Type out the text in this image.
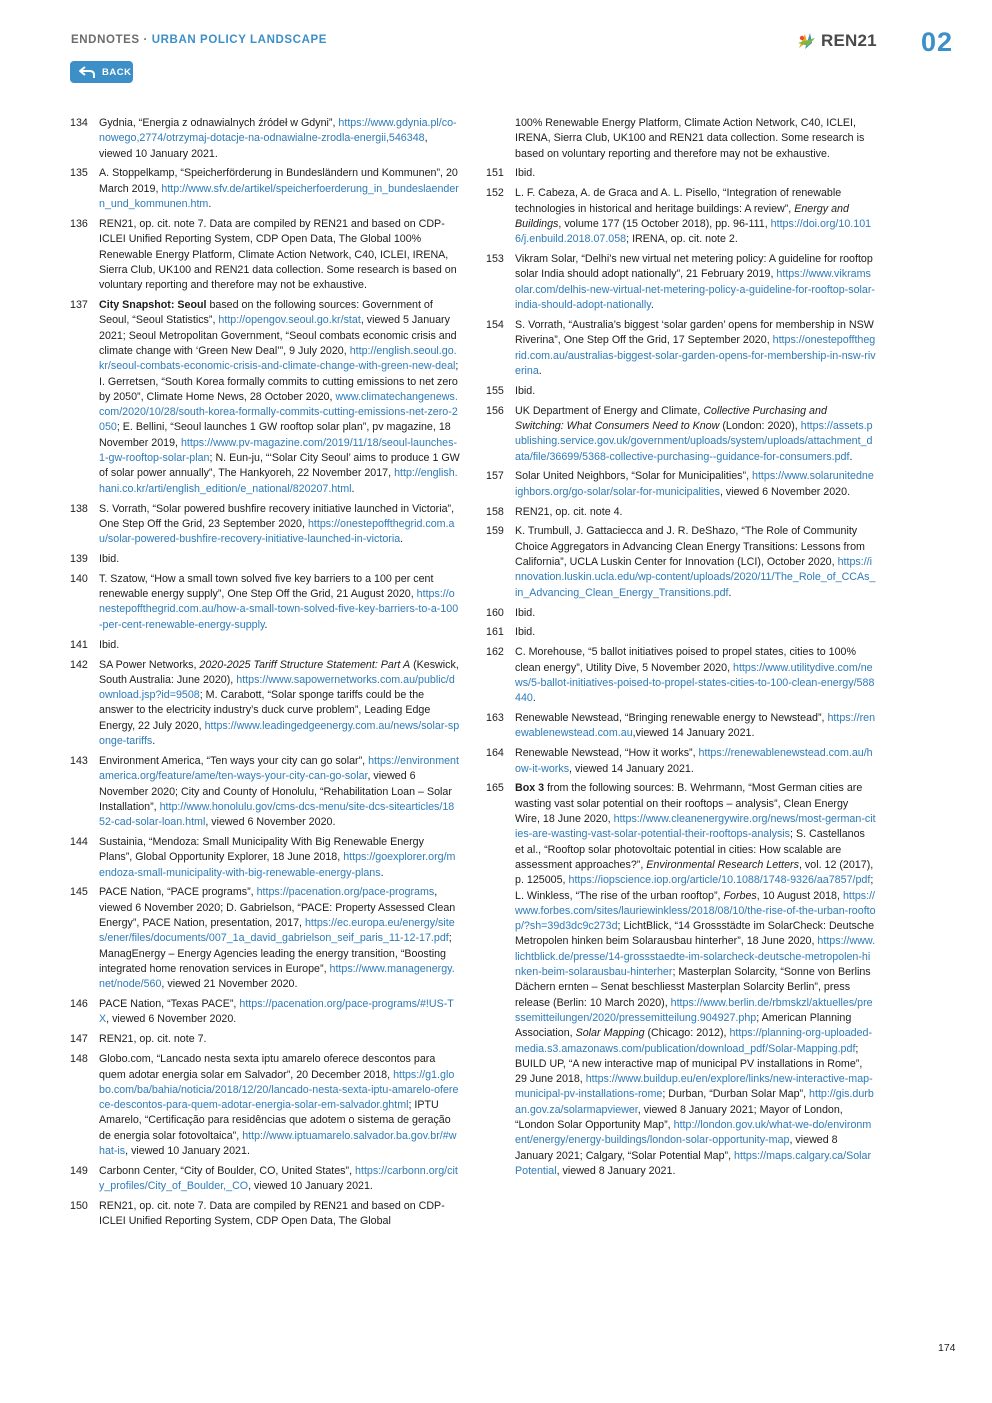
ENDNOTES · URBAN POLICY LANDSCAPE
BACK
REN21 02
134	Gydnia, “Energia z odnawialnych źródeł w Gdyni”, https://www.gdynia.pl/co-nowego,2774/otrzymaj-dotacje-na-odnawialne-zrodla-energii,546348, viewed 10 January 2021.
135	A. Stoppelkamp, “Speicherförderung in Bundesländern und Kommunen”, 20 March 2019, http://www.sfv.de/artikel/speicherfoerderung_in_bundeslaendern_und_kommunen.htm.
136	REN21, op. cit. note 7. Data are compiled by REN21 and based on CDP-ICLEI Unified Reporting System, CDP Open Data, The Global 100% Renewable Energy Platform, Climate Action Network, C40, ICLEI, IRENA, Sierra Club, UK100 and REN21 data collection. Some research is based on voluntary reporting and therefore may not be exhaustive.
137	City Snapshot: Seoul based on the following sources: Government of Seoul, “Seoul Statistics”, http://opengov.seoul.go.kr/stat, viewed 5 January 2021; Seoul Metropolitan Government, “Seoul combats economic crisis and climate change with ‘Green New Deal’”, 9 July 2020, http://english.seoul.go.kr/seoul-combats-economic-crisis-and-climate-change-with-green-new-deal; I. Gerretsen, “South Korea formally commits to cutting emissions to net zero by 2050”, Climate Home News, 28 October 2020, www.climatechangenews.com/2020/10/28/south-korea-formally-commits-cutting-emissions-net-zero-2050; E. Bellini, “Seoul launches 1 GW rooftop solar plan”, pv magazine, 18 November 2019, https://www.pv-magazine.com/2019/11/18/seoul-launches-1-gw-rooftop-solar-plan; N. Eun-ju, “‘Solar City Seoul’ aims to produce 1 GW of solar power annually”, The Hankyoreh, 22 November 2017, http://english.hani.co.kr/arti/english_edition/e_national/820207.html.
138	S. Vorrath, “Solar powered bushfire recovery initiative launched in Victoria”, One Step Off the Grid, 23 September 2020, https://onestepoffthegrid.com.au/solar-powered-bushfire-recovery-initiative-launched-in-victoria.
139	Ibid.
140	T. Szatow, “How a small town solved five key barriers to a 100 per cent renewable energy supply”, One Step Off the Grid, 21 August 2020, https://onestepoffthegrid.com.au/how-a-small-town-solved-five-key-barriers-to-a-100-per-cent-renewable-energy-supply.
141	Ibid.
142	SA Power Networks, 2020-2025 Tariff Structure Statement: Part A (Keswick, South Australia: June 2020), https://www.sapowernetworks.com.au/public/download.jsp?id=9508; M. Carabott, “Solar sponge tariffs could be the answer to the electricity industry’s duck curve problem”, Leading Edge Energy, 22 July 2020, https://www.leadingedgeenergy.com.au/news/solar-sponge-tariffs.
143	Environment America, “Ten ways your city can go solar”, https://environmentamerica.org/feature/ame/ten-ways-your-city-can-go-solar, viewed 6 November 2020; City and County of Honolulu, “Rehabilitation Loan – Solar Installation”, http://www.honolulu.gov/cms-dcs-menu/site-dcs-sitearticles/1852-cad-solar-loan.html, viewed 6 November 2020.
144	Sustainia, “Mendoza: Small Municipality With Big Renewable Energy Plans”, Global Opportunity Explorer, 18 June 2018, https://goexplorer.org/mendoza-small-municipality-with-big-renewable-energy-plans.
145	PACE Nation, “PACE programs”, https://pacenation.org/pace-programs, viewed 6 November 2020; D. Gabrielson, “PACE: Property Assessed Clean Energy”, PACE Nation, presentation, 2017, https://ec.europa.eu/energy/sites/ener/files/documents/007_1a_david_gabrielson_seif_paris_11-12-17.pdf; ManagEnergy – Energy Agencies leading the energy transition, “Boosting integrated home renovation services in Europe”, https://www.managenergy.net/node/560, viewed 21 November 2020.
146	PACE Nation, “Texas PACE”, https://pacenation.org/pace-programs/#!US-TX, viewed 6 November 2020.
147	REN21, op. cit. note 7.
148	Globo.com, “Lancado nesta sexta iptu amarelo oferece descontos para quem adotar energia solar em Salvador”, 20 December 2018, https://g1.globo.com/ba/bahia/noticia/2018/12/20/lancado-nesta-sexta-iptu-amarelo-oferece-descontos-para-quem-adotar-energia-solar-em-salvador.ghtml; IPTU Amarelo, “Certificação para residências que adotem o sistema de geração de energia solar fotovoltaica”, http://www.iptuamarelo.salvador.ba.gov.br/#what-is, viewed 10 January 2021.
149	Carbonn Center, “City of Boulder, CO, United States”, https://carbonn.org/city_profiles/City_of_Boulder,_CO, viewed 10 January 2021.
150	REN21, op. cit. note 7. Data are compiled by REN21 and based on CDP-ICLEI Unified Reporting System, CDP Open Data, The Global
100% Renewable Energy Platform, Climate Action Network, C40, ICLEI, IRENA, Sierra Club, UK100 and REN21 data collection. Some research is based on voluntary reporting and therefore may not be exhaustive.
151	Ibid.
152	L. F. Cabeza, A. de Graca and A. L. Pisello, “Integration of renewable technologies in historical and heritage buildings: A review”, Energy and Buildings, volume 177 (15 October 2018), pp. 96-111, https://doi.org/10.1016/j.enbuild.2018.07.058; IRENA, op. cit. note 2.
153	Vikram Solar, “Delhi’s new virtual net metering policy: A guideline for rooftop solar India should adopt nationally”, 21 February 2019, https://www.vikramsolar.com/delhis-new-virtual-net-metering-policy-a-guideline-for-rooftop-solar-india-should-adopt-nationally.
154	S. Vorrath, “Australia’s biggest ‘solar garden’ opens for membership in NSW Riverina”, One Step Off the Grid, 17 September 2020, https://onestepoffthegrid.com.au/australias-biggest-solar-garden-opens-for-membership-in-nsw-riverina.
155	Ibid.
156	UK Department of Energy and Climate, Collective Purchasing and Switching: What Consumers Need to Know (London: 2020), https://assets.publishing.service.gov.uk/government/uploads/system/uploads/attachment_data/file/36699/5368-collective-purchasing--guidance-for-consumers.pdf.
157	Solar United Neighbors, “Solar for Municipalities”, https://www.solarunitedneighbors.org/go-solar/solar-for-municipalities, viewed 6 November 2020.
158	REN21, op. cit. note 4.
159	K. Trumbull, J. Gattaciecca and J. R. DeShazo, “The Role of Community Choice Aggregators in Advancing Clean Energy Transitions: Lessons from California”, UCLA Luskin Center for Innovation (LCI), October 2020, https://innovation.luskin.ucla.edu/wp-content/uploads/2020/11/The_Role_of_CCAs_in_Advancing_Clean_Energy_Transitions.pdf.
160	Ibid.
161	Ibid.
162	C. Morehouse, “5 ballot initiatives poised to propel states, cities to 100% clean energy”, Utility Dive, 5 November 2020, https://www.utilitydive.com/news/5-ballot-initiatives-poised-to-propel-states-cities-to-100-clean-energy/588440.
163	Renewable Newstead, “Bringing renewable energy to Newstead”, https://renewablenewstead.com.au,viewed 14 January 2021.
164	Renewable Newstead, “How it works”, https://renewablenewstead.com.au/how-it-works, viewed 14 January 2021.
165	Box 3 from the following sources: B. Wehrmann, “Most German cities are wasting vast solar potential on their rooftops – analysis”, Clean Energy Wire, 18 June 2020, https://www.cleanenergywire.org/news/most-german-cities-are-wasting-vast-solar-potential-their-rooftops-analysis; S. Castellanos et al., “Rooftop solar photovoltaic potential in cities: How scalable are assessment approaches?”, Environmental Research Letters, vol. 12 (2017), p. 125005, https://iopscience.iop.org/article/10.1088/1748-9326/aa7857/pdf; L. Winkless, “The rise of the urban rooftop”, Forbes, 10 August 2018, https://www.forbes.com/sites/lauriewinkless/2018/08/10/the-rise-of-the-urban-rooftop/?sh=39d3dc9c273d; LichtBlick, “14 Grossstädte im SolarCheck: Deutsche Metropolen hinken beim Solarausbau hinterher”, 18 June 2020, https://www.lichtblick.de/presse/14-grossstaedte-im-solarcheck-deutsche-metropolen-hinken-beim-solarausbau-hinterher; Masterplan Solarcity, “Sonne von Berlins Dächern ernten – Senat beschliesst Masterplan Solarcity Berlin”, press release (Berlin: 10 March 2020), https://www.berlin.de/rbmskzl/aktuelles/pressemitteilungen/2020/pressemitteilung.904927.php; American Planning Association, Solar Mapping (Chicago: 2012), https://planning-org-uploaded-media.s3.amazonaws.com/publication/download_pdf/Solar-Mapping.pdf; BUILD UP, “A new interactive map of municipal PV installations in Rome”, 29 June 2018, https://www.buildup.eu/en/explore/links/new-interactive-map-municipal-pv-installations-rome; Durban, “Durban Solar Map”, http://gis.durban.gov.za/solarmapviewer, viewed 8 January 2021; Mayor of London, “London Solar Opportunity Map”, http://london.gov.uk/what-we-do/environment/energy/energy-buildings/london-solar-opportunity-map, viewed 8 January 2021; Calgary, “Solar Potential Map”, https://maps.calgary.ca/SolarPotential, viewed 8 January 2021.
174
